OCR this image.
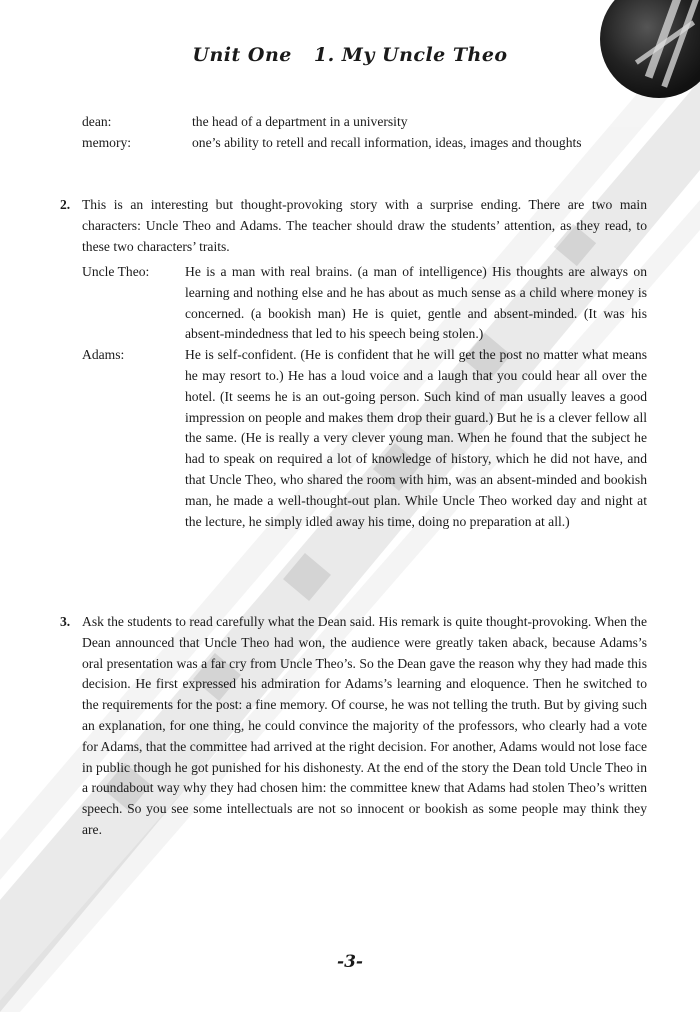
Unit One 1. My Uncle Theo
dean:	the head of a department in a university
memory:	one’s ability to retell and recall information, ideas, images and thoughts
2. This is an interesting but thought-provoking story with a surprise ending. There are two main characters: Uncle Theo and Adams. The teacher should draw the students’ attention, as they read, to these two characters’ traits.
Uncle Theo:	He is a man with real brains. (a man of intelligence) His thoughts are always on learning and nothing else and he has about as much sense as a child where money is concerned. (a bookish man) He is quiet, gentle and absent-minded. (It was his absent-mindedness that led to his speech being stolen.)
Adams:	He is self-confident. (He is confident that he will get the post no matter what means he may resort to.) He has a loud voice and a laugh that you could hear all over the hotel. (It seems he is an out-going person. Such kind of man usually leaves a good impression on people and makes them drop their guard.) But he is a clever fellow all the same. (He is really a very clever young man. When he found that the subject he had to speak on required a lot of knowledge of history, which he did not have, and that Uncle Theo, who shared the room with him, was an absent-minded and bookish man, he made a well-thought-out plan. While Uncle Theo worked day and night at the lecture, he simply idled away his time, doing no preparation at all.)
3. Ask the students to read carefully what the Dean said. His remark is quite thought-provoking. When the Dean announced that Uncle Theo had won, the audience were greatly taken aback, because Adams’s oral presentation was a far cry from Uncle Theo’s. So the Dean gave the reason why they had made this decision. He first expressed his admiration for Adams’s learning and eloquence. Then he switched to the requirements for the post: a fine memory. Of course, he was not telling the truth. But by giving such an explanation, for one thing, he could convince the majority of the professors, who clearly had a vote for Adams, that the committee had arrived at the right decision. For another, Adams would not lose face in public though he got punished for his dishonesty. At the end of the story the Dean told Uncle Theo in a roundabout way why they had chosen him: the committee knew that Adams had stolen Theo’s written speech. So you see some intellectuals are not so innocent or bookish as some people may think they are.
-3-
